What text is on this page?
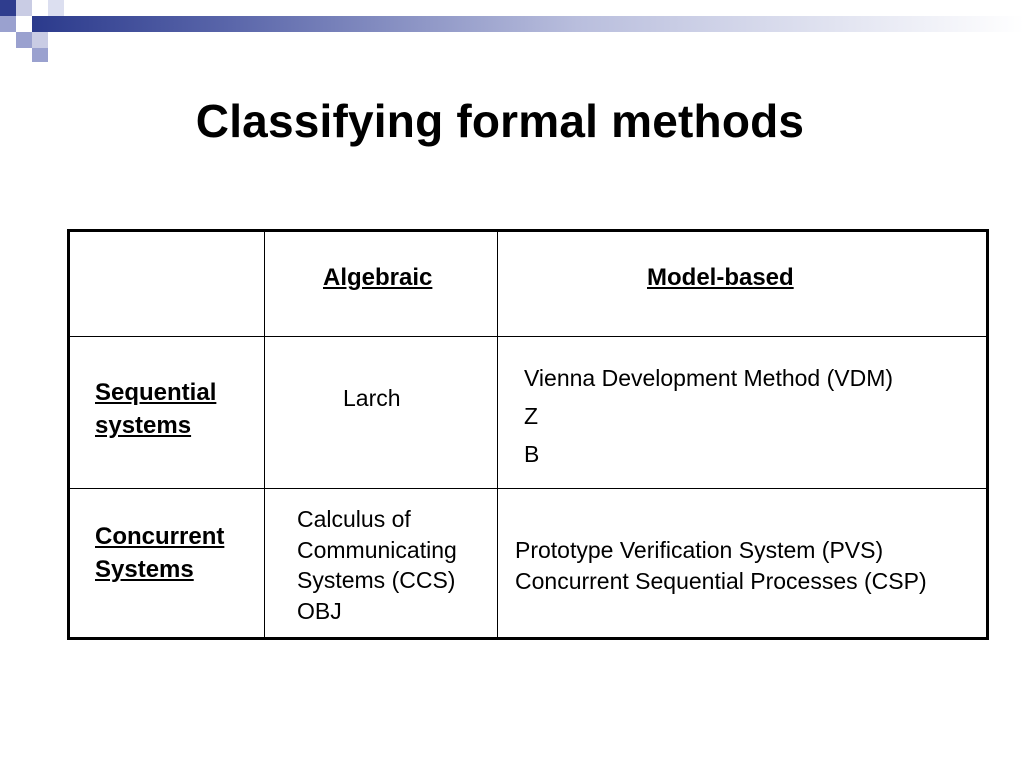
Classifying formal methods
Algebraic	Model-based
Sequential
systems
Concurrent
Systems
Larch
Vienna Development Method (VDM)
Z
B
Calculus of
Communicating
Systems (CCS)
OBJ
Prototype Verification System (PVS)
Concurrent Sequential Processes (CSP)
